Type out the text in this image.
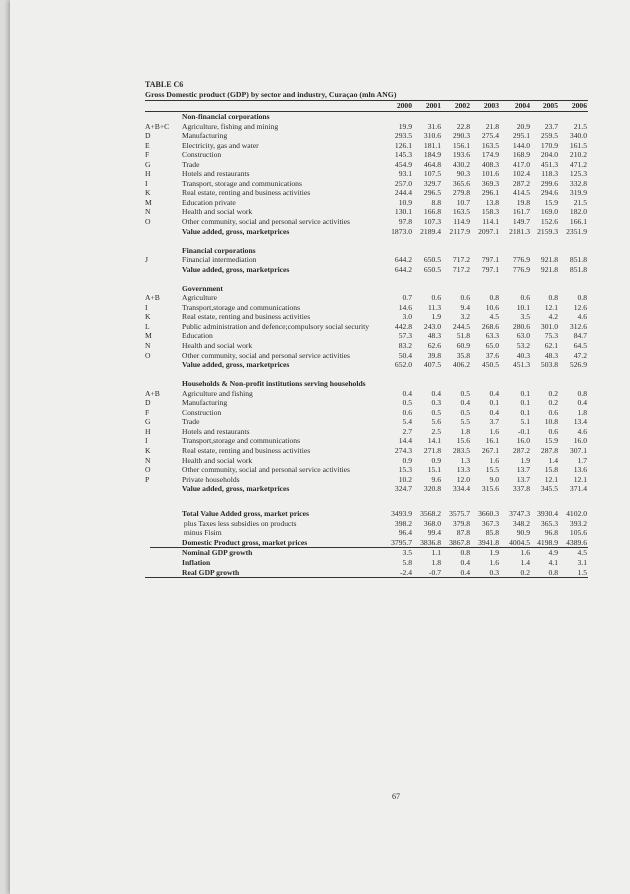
TABLE C6
Gross Domestic product (GDP) by sector and industry, Curaçao (mln ANG)
2000	2001	2002	2003	2004	2005	2006
Non-financial corporations
A+B+C Agriculture, fishing and mining	19.9	31.6	22.8	21.8	20.9	23.7	21.5
D	Manufacturing	293.5	310.6	290.3	275.4	295.1	259.5	340.0
E	Electricity, gas and water	126.1	181.1	156.1	163.5	144.0	170.9	161.5
F	Construction	145.3	184.9	193.6	174.9	168.9	204.0	210.2
G	Trade	454.9	464.8	430.2	408.3	417.0	451.3	471.2
H	Hotels and restaurants	93.1	107.5	90.3	101.6	102.4	118.3	125.3
I	Transport, storage and communications	257.0	329.7	365.6	369.3	287.2	299.6	332.8
K	Real estate, renting and business activities	244.4	296.5	279.8	296.1	414.5	294.6	319.9
M	Education private	10.9	8.8	10.7	13.8	19.8	15.9	21.5
N	Health and social work	130.1	166.8	163.5	158.3	161.7	169.0	182.0
O	Other community, social and personal service activities	97.8	107.3	114.9	114.1	149.7	152.6	166.1
Value added, gross, marketprices	1873.0	2189.4	2117.9	2097.1	2181.3 2159.3	2351.9
Financial corporations
J	Financial intermediation	644.2	650.5	717.2	797.1	776.9	921.8	851.8
Value added, gross, marketprices	644.2	650.5	717.2	797.1	776.9	921.8	851.8
Government
A+B	Agriculture	0.7	0.6	0.6	0.8	0.6	0.8	0.8
I	Transport,storage and communications	14.6	11.3	9.4	10.6	10.1	12.1	12.6
K	Real estate, renting and business activities	3.0	1.9	3.2	4.5	3.5	4.2	4.6
L	Public administration and defence;compulsory social security	442.8	243.0	244.5	268.6	280.6	301.0	312.6
M	Education	57.3	48.3	51.8	63.3	63.0	75.3	84.7
N	Health and social work	83.2	62.6	60.9	65.0	53.2	62.1	64.5
O	Other community, social and personal service activities	50.4	39.8	35.8	37.6	40.3	48.3	47.2
Value added, gross, marketprices	652.0	407.5	406.2	450.5	451.3	503.8	526.9
Households & Non-profit institutions serving households
A+B	Agriculture and fishing	0.4	0.4	0.5	0.4	0.1	0.2	0.8
D	Manufacturing	0.5	0.3	0.4	0.1	0.1	0.2	0.4
F	Construction	0.6	0.5	0.5	0.4	0.1	0.6	1.8
G	Trade	5.4	5.6	5.5	3.7	5.1	10.8	13.4
H	Hotels and restaurants	2.7	2.5	1.8	1.6	-0.1	0.6	4.6
I	Transport,storage and communications	14.4	14.1	15.6	16.1	16.0	15.9	16.0
K	Real estate, renting and business activities	274.3	271.8	283.5	267.1	287.2	287.8	307.1
N	Health and social work	0.9	0.9	1.3	1.6	1.9	1.4	1.7
O	Other community, social and personal service activities	15.3	15.1	13.3	15.5	13.7	15.8	13.6
P	Private households	10.2	9.6	12.0	9.0	13.7	12.1	12.1
Value added, gross, marketprices	324.7	320.8	334.4	315.6	337.8	345.5	371.4
Total Value Added gross, market prices	3493.9	3568.2	3575.7	3660.3	3747.3 3930.4	4102.0
plus Taxes less subsidies on products	398.2	368.0	379.8	367.3	348.2	365.3	393.2
minus Fisim	96.4	99.4	87.8	85.8	90.9	96.8	105.6
Domestic Product gross, market prices	3795.7	3836.8	3867.8	3941.8	4004.5 4198.9	4389.6
Nominal GDP growth	3.5	1.1	0.8	1.9	1.6	4.9	4.5
Inflation	5.8	1.8	0.4	1.6	1.4	4.1	3.1
Real GDP growth	-2.4	-0.7	0.4	0.3	0.2	0.8	1.5
67
